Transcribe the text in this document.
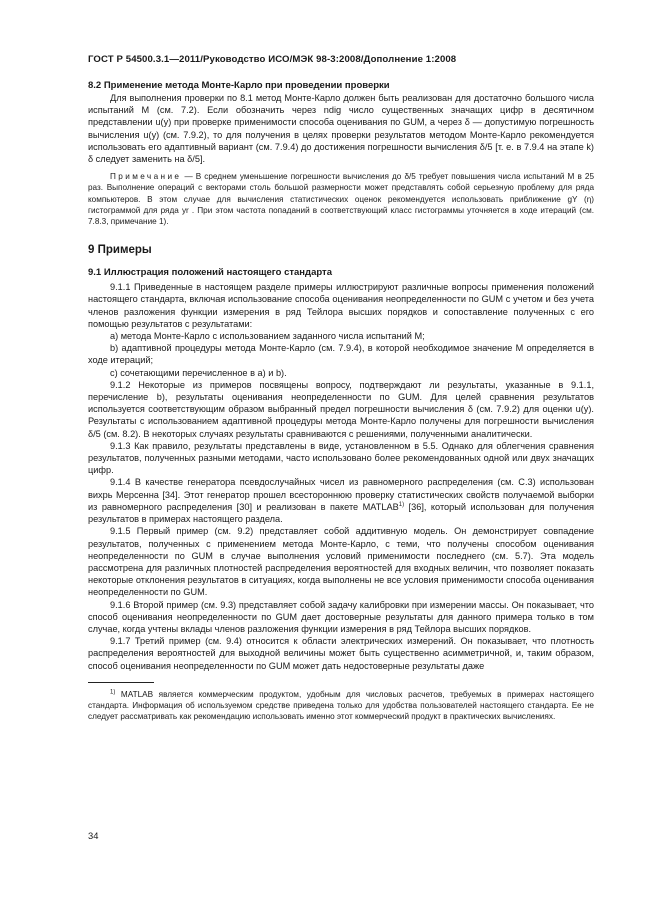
ГОСТ Р 54500.3.1—2011/Руководство ИСО/МЭК 98-3:2008/Дополнение 1:2008

8.2 Применение метода Монте-Карло при проведении проверки

Для выполнения проверки по 8.1 метод Монте-Карло должен быть реализован для достаточно большого числа испытаний M (см. 7.2). Если обозначить через ndig число существенных значащих цифр в десятичном представлении u(y) при проверке применимости способа оценивания по GUM, а через δ — допустимую погрешность вычисления u(y) (см. 7.9.2), то для получения в целях проверки результатов методом Монте-Карло рекомендуется использовать его адаптивный вариант (см. 7.9.4) до достижения погрешности вычисления δ/5 [т. е. в 7.9.4 на этапе k) δ следует заменить на δ/5].

Примечание — В среднем уменьшение погрешности вычисления до δ/5 требует повышения числа испытаний M в 25 раз. Выполнение операций с векторами столь большой размерности может представлять собой серьезную проблему для ряда компьютеров. В этом случае для вычисления статистических оценок рекомендуется использовать приближение gY (η) гистограммой для ряда yr . При этом частота попаданий в соответствующий класс гистограммы уточняется в ходе итераций (см. 7.8.3, примечание 1).

9 Примеры

9.1 Иллюстрация положений настоящего стандарта

9.1.1 Приведенные в настоящем разделе примеры иллюстрируют различные вопросы применения положений настоящего стандарта, включая использование способа оценивания неопределенности по GUM с учетом и без учета членов разложения функции измерения в ряд Тейлора высших порядков и сопоставление полученных с его помощью результатов с результатами:

a) метода Монте-Карло с использованием заданного числа испытаний M;

b) адаптивной процедуры метода Монте-Карло (см. 7.9.4), в которой необходимое значение M определяется в ходе итераций;

c) сочетающими перечисленное в a) и b).

9.1.2 Некоторые из примеров посвящены вопросу, подтверждают ли результаты, указанные в 9.1.1, перечисление b), результаты оценивания неопределенности по GUM. Для целей сравнения результатов используется соответствующим образом выбранный предел погрешности вычисления δ (см. 7.9.2) для оценки u(y). Результаты с использованием адаптивной процедуры метода Монте-Карло получены для погрешности вычисления δ/5 (см. 8.2). В некоторых случаях результаты сравниваются с решениями, полученными аналитически.

9.1.3 Как правило, результаты представлены в виде, установленном в 5.5. Однако для облегчения сравнения результатов, полученных разными методами, часто использовано более рекомендованных одной или двух значащих цифр.

9.1.4 В качестве генератора псевдослучайных чисел из равномерного распределения (см. С.3) использован вихрь Мерсенна [34]. Этот генератор прошел всестороннюю проверку статистических свойств получаемой выборки из равномерного распределения [30] и реализован в пакете MATLAB$^{1)}$ [36], который использован для получения результатов в примерах настоящего раздела.

9.1.5 Первый пример (см. 9.2) представляет собой аддитивную модель. Он демонстрирует совпадение результатов, полученных с применением метода Монте-Карло, с теми, что получены способом оценивания неопределенности по GUM в случае выполнения условий применимости последнего (см. 5.7). Эта модель рассмотрена для различных плотностей распределения вероятностей для входных величин, что позволяет показать некоторые отклонения результатов в ситуациях, когда выполнены не все условия применимости способа оценивания неопределенности по GUM.

9.1.6 Второй пример (см. 9.3) представляет собой задачу калибровки при измерении массы. Он показывает, что способ оценивания неопределенности по GUM дает достоверные результаты для данного примера только в том случае, когда учтены вклады членов разложения функции измерения в ряд Тейлора высших порядков.

9.1.7 Третий пример (см. 9.4) относится к области электрических измерений. Он показывает, что плотность распределения вероятностей для выходной величины может быть существенно асимметричной, и, таким образом, способ оценивания неопределенности по GUM может дать недостоверные результаты даже

$^{1)}$ MATLAB является коммерческим продуктом, удобным для числовых расчетов, требуемых в примерах настоящего стандарта. Информация об используемом средстве приведена только для удобства пользователей настоящего стандарта. Ее не следует рассматривать как рекомендацию использовать именно этот коммерческий продукт в практических вычислениях.

34
